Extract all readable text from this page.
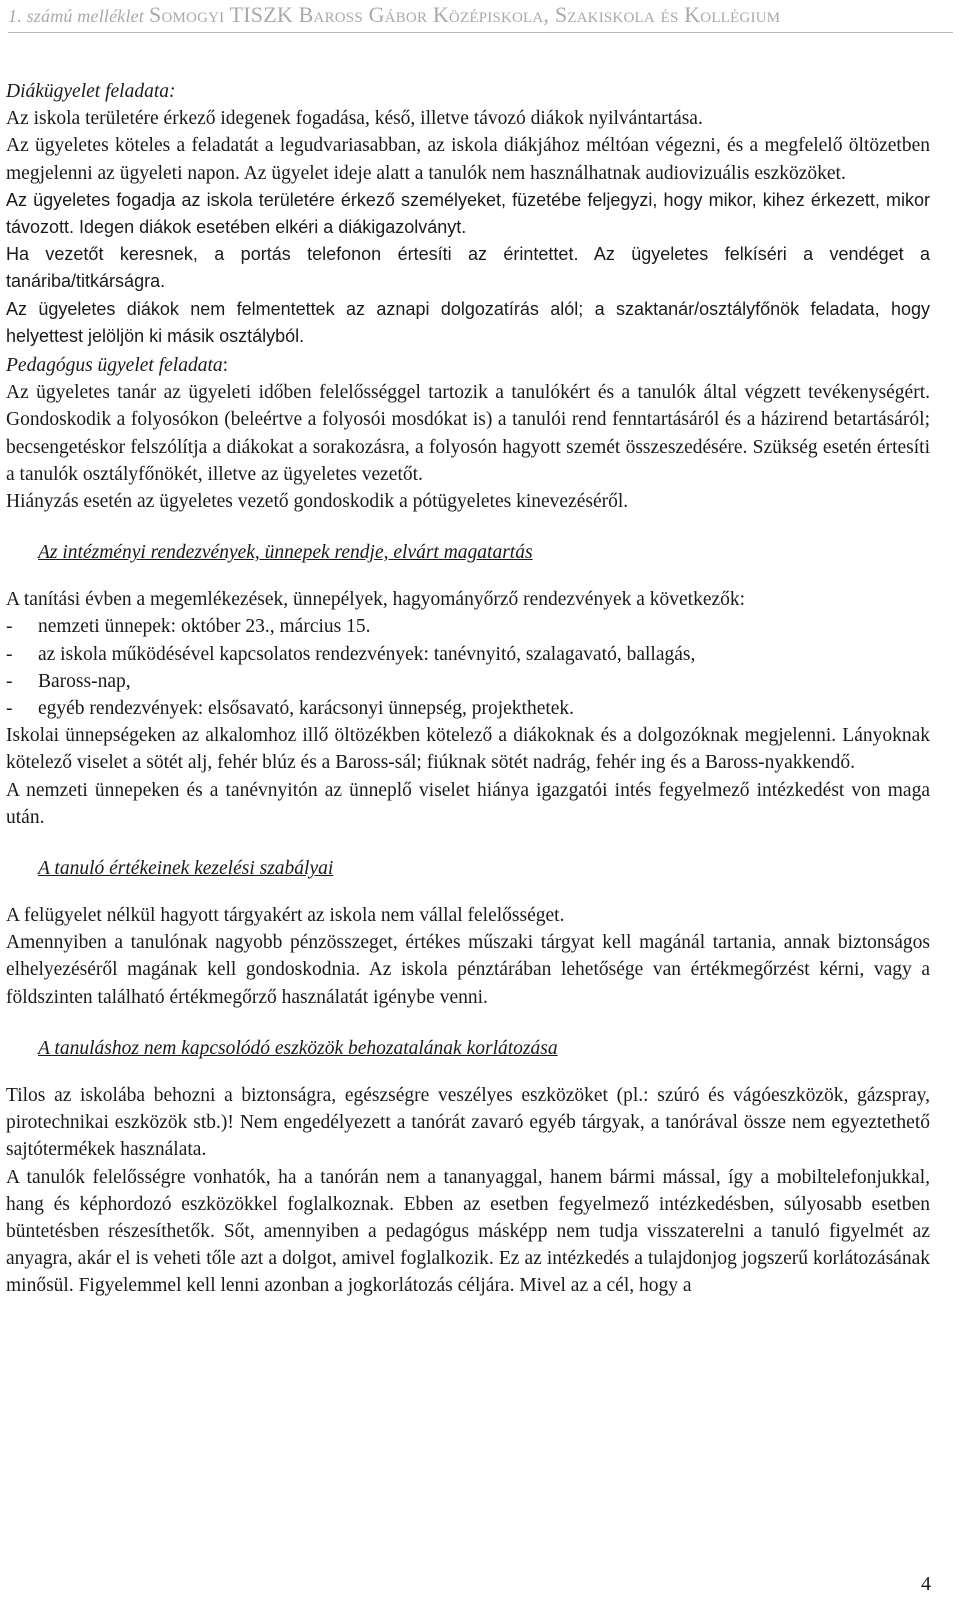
1. számú melléklet Somogyi TISZK Baross Gábor Középiskola, Szakiskola és Kollégium

Diákügyelet feladata:

Az iskola területére érkező idegenek fogadása, késő, illetve távozó diákok nyilvántartása.

Az ügyeletes köteles a feladatát a legudvariasabban, az iskola diákjához méltóan végezni, és a megfelelő öltözetben megjelenni az ügyeleti napon. Az ügyelet ideje alatt a tanulók nem használhatnak audiovizuális eszközöket.

Az ügyeletes fogadja az iskola területére érkező személyeket, füzetébe feljegyzi, hogy mikor, kihez érkezett, mikor távozott. Idegen diákok esetében elkéri a diákigazolványt.

Ha vezetőt keresnek, a portás telefonon értesíti az érintettet. Az ügyeletes felkíséri a vendéget a tanáriba/titkárságra.

Az ügyeletes diákok nem felmentettek az aznapi dolgozatírás alól; a szaktanár/osztályfőnök feladata, hogy helyettest jelöljön ki másik osztályból.

Pedagógus ügyelet feladata:

Az ügyeletes tanár az ügyeleti időben felelősséggel tartozik a tanulókért és a tanulók által végzett tevékenységért. Gondoskodik a folyosókon (beleértve a folyosói mosdókat is) a tanulói rend fenntartásáról és a házirend betartásáról; becsengetéskor felszólítja a diákokat a sorakozásra, a folyosón hagyott szemét összeszedésére. Szükség esetén értesíti a tanulók osztályfőnökét, illetve az ügyeletes vezetőt.

Hiányzás esetén az ügyeletes vezető gondoskodik a pótügyeletes kinevezéséről.

Az intézményi rendezvények, ünnepek rendje, elvárt magatartás

A tanítási évben a megemlékezések, ünnepélyek, hagyományőrző rendezvények a következők:

- nemzeti ünnepek: október 23., március 15.
- az iskola működésével kapcsolatos rendezvények: tanévnyitó, szalagavató, ballagás,
- Baross-nap,
- egyéb rendezvények: elsősavató, karácsonyi ünnepség, projekthetek.

Iskolai ünnepségeken az alkalomhoz illő öltözékben kötelező a diákoknak és a dolgozóknak megjelenni. Lányoknak kötelező viselet a sötét alj, fehér blúz és a Baross-sál; fiúknak sötét nadrág, fehér ing és a Baross-nyakkendő.

A nemzeti ünnepeken és a tanévnyitón az ünneplő viselet hiánya igazgatói intés fegyelmező intézkedést von maga után.

A tanuló értékeinek kezelési szabályai

A felügyelet nélkül hagyott tárgyakért az iskola nem vállal felelősséget.

Amennyiben a tanulónak nagyobb pénzösszeget, értékes műszaki tárgyat kell magánál tartania, annak biztonságos elhelyezéséről magának kell gondoskodnia. Az iskola pénztárában lehetősége van értékmegőrzést kérni, vagy a földszinten található értékmegőrző használatát igénybe venni.

A tanuláshoz nem kapcsolódó eszközök behozatalának korlátozása

Tilos az iskolába behozni a biztonságra, egészségre veszélyes eszközöket (pl.: szúró és vágóeszközök, gázspray, pirotechnikai eszközök stb.)! Nem engedélyezett a tanórát zavaró egyéb tárgyak, a tanórával össze nem egyeztethető sajtótermékek használata.

A tanulók felelősségre vonhatók, ha a tanórán nem a tananyaggal, hanem bármi mással, így a mobiltelefonjukkal, hang és képhordozó eszközökkel foglalkoznak. Ebben az esetben fegyelmező intézkedésben, súlyosabb esetben büntetésben részesíthetők. Sőt, amennyiben a pedagógus másképp nem tudja visszaterelni a tanuló figyelmét az anyagra, akár el is veheti tőle azt a dolgot, amivel foglalkozik. Ez az intézkedés a tulajdonjog jogszerű korlátozásának minősül. Figyelemmel kell lenni azonban a jogkorlátozás céljára. Mivel az a cél, hogy a

4
